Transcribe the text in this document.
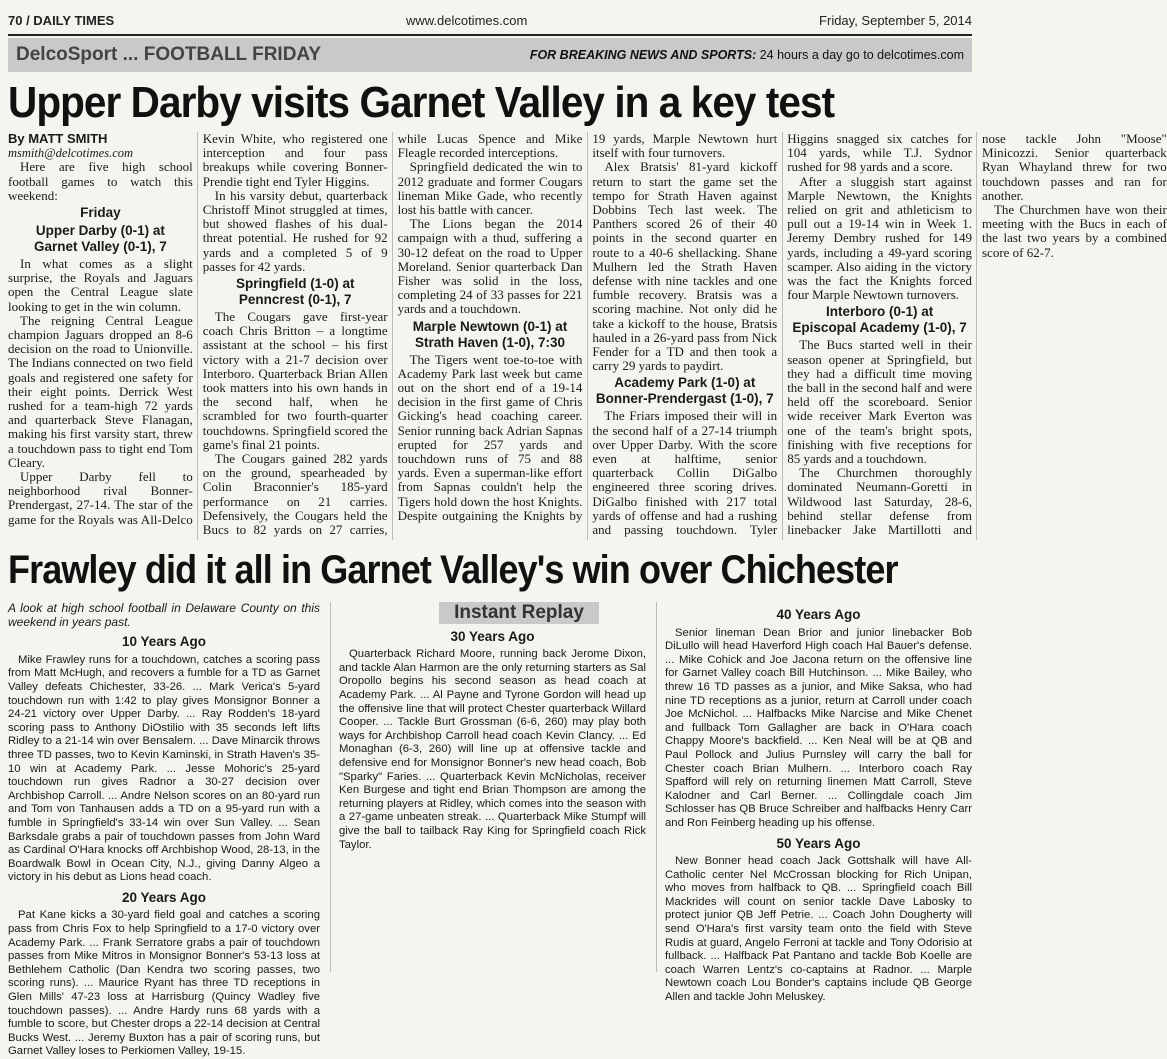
70 / DAILY TIMES	www.delcotimes.com	Friday, September 5, 2014
DelcoSport ... FOOTBALL FRIDAY	FOR BREAKING NEWS AND SPORTS: 24 hours a day go to delcotimes.com
Upper Darby visits Garnet Valley in a key test

By MATT SMITH

msmith@delcotimes.com

Here are five high school football games to watch this weekend:

Friday

Upper Darby (0-1) at
Garnet Valley (0-1), 7

In what comes as a slight surprise, the Royals and Jaguars open the Central League slate looking to get in the win column.

The reigning Central League champion Jaguars dropped an 8-6 decision on the road to Unionville. The Indians connected on two field goals and registered one safety for their eight points. Derrick West rushed for a team-high 72 yards and quarterback Steve Flanagan, making his first varsity start, threw a touchdown pass to tight end Tom Cleary.

Upper Darby fell to neighborhood rival Bonner-Prendergast, 27-14. The star of the game for the Royals was All-Delco Kevin White, who registered one interception and four pass breakups while covering Bonner-Prendie tight end Tyler Higgins.

In his varsity debut, quarterback Christoff Minot struggled at times, but showed flashes of his dual-threat potential. He rushed for 92 yards and a completed 5 of 9 passes for 42 yards.

Springfield (1-0) at
Penncrest (0-1), 7

The Cougars gave first-year coach Chris Britton – a longtime assistant at the school – his first victory with a 21-7 decision over Interboro. Quarterback Brian Allen took matters into his own hands in the second half, when he scrambled for two fourth-quarter touchdowns. Springfield scored the game's final 21 points.

The Cougars gained 282 yards on the ground, spearheaded by Colin Braconnier's 185-yard performance on 21 carries. Defensively, the Cougars held the Bucs to 82 yards on 27 carries, while Lucas Spence and Mike Fleagle recorded interceptions.

Springfield dedicated the win to 2012 graduate and former Cougars lineman Mike Gade, who recently lost his battle with cancer.

The Lions began the 2014 campaign with a thud, suffering a 30-12 defeat on the road to Upper Moreland. Senior quarterback Dan Fisher was solid in the loss, completing 24 of 33 passes for 221 yards and a touchdown.

Marple Newtown (0-1) at
Strath Haven (1-0), 7:30

The Tigers went toe-to-toe with Academy Park last week but came out on the short end of a 19-14 decision in the first game of Chris Gicking's head coaching career. Senior running back Adrian Sapnas erupted for 257 yards and touchdown runs of 75 and 88 yards. Even a superman-like effort from Sapnas couldn't help the Tigers hold down the host Knights. Despite outgaining the Knights by 19 yards, Marple Newtown hurt itself with four turnovers.

Alex Bratsis' 81-yard kickoff return to start the game set the tempo for Strath Haven against Dobbins Tech last week. The Panthers scored 26 of their 40 points in the second quarter en route to a 40-6 shellacking. Shane Mulhern led the Strath Haven defense with nine tackles and one fumble recovery. Bratsis was a scoring machine. Not only did he take a kickoff to the house, Bratsis hauled in a 26-yard pass from Nick Fender for a TD and then took a carry 29 yards to paydirt.

Academy Park (1-0) at
Bonner-Prendergast (1-0), 7

The Friars imposed their will in the second half of a 27-14 triumph over Upper Darby. With the score even at halftime, senior quarterback Collin DiGalbo engineered three scoring drives. DiGalbo finished with 217 total yards of offense and had a rushing and passing touchdown. Tyler Higgins snagged six catches for 104 yards, while T.J. Sydnor rushed for 98 yards and a score.

After a sluggish start against Marple Newtown, the Knights relied on grit and athleticism to pull out a 19-14 win in Week 1. Jeremy Dembry rushed for 149 yards, including a 49-yard scoring scamper. Also aiding in the victory was the fact the Knights forced four Marple Newtown turnovers.

Interboro (0-1) at
Episcopal Academy (1-0), 7

The Bucs started well in their season opener at Springfield, but they had a difficult time moving the ball in the second half and were held off the scoreboard. Senior wide receiver Mark Everton was one of the team's bright spots, finishing with five receptions for 85 yards and a touchdown.

The Churchmen thoroughly dominated Neumann-Goretti in Wildwood last Saturday, 28-6, behind stellar defense from linebacker Jake Martillotti and nose tackle John "Moose" Minicozzi. Senior quarterback Ryan Whayland threw for two touchdown passes and ran for another.

The Churchmen have won their meeting with the Bucs in each of the last two years by a combined score of 62-7.

Frawley did it all in Garnet Valley's win over Chichester

A look at high school football in Delaware County on this weekend in years past.

10 Years Ago

Mike Frawley runs for a touchdown, catches a scoring pass from Matt McHugh, and recovers a fumble for a TD as Garnet Valley defeats Chichester, 33-26. ... Mark Verica's 5-yard touchdown run with 1:42 to play gives Monsignor Bonner a 24-21 victory over Upper Darby. ... Ray Rodden's 18-yard scoring pass to Anthony DiOstilio with 35 seconds left lifts Ridley to a 21-14 win over Bensalem. ... Dave Minarcik throws three TD passes, two to Kevin Kaminski, in Strath Haven's 35-10 win at Academy Park. ... Jesse Mohoric's 25-yard touchdown run gives Radnor a 30-27 decision over Archbishop Carroll. ... Andre Nelson scores on an 80-yard run and Tom von Tanhausen adds a TD on a 95-yard run with a fumble in Springfield's 33-14 win over Sun Valley. ... Sean Barksdale grabs a pair of touchdown passes from John Ward as Cardinal O'Hara knocks off Archbishop Wood, 28-13, in the Boardwalk Bowl in Ocean City, N.J., giving Danny Algeo a victory in his debut as Lions head coach.

20 Years Ago

Pat Kane kicks a 30-yard field goal and catches a scoring pass from Chris Fox to help Springfield to a 17-0 victory over Academy Park. ... Frank Serratore grabs a pair of touchdown passes from Mike Mitros in Monsignor Bonner's 53-13 loss at Bethlehem Catholic (Dan Kendra two scoring passes, two scoring runs). ... Maurice Ryant has three TD receptions in Glen Mills' 47-23 loss at Harrisburg (Quincy Wadley five touchdown passes). ... Andre Hardy runs 68 yards with a fumble to score, but Chester drops a 22-14 decision at Central Bucks West. ... Jeremy Buxton has a pair of scoring runs, but Garnet Valley loses to Perkiomen Valley, 19-15.

Instant Replay

30 Years Ago

Quarterback Richard Moore, running back Jerome Dixon, and tackle Alan Harmon are the only returning starters as Sal Oropollo begins his second season as head coach at Academy Park. ... Al Payne and Tyrone Gordon will head up the offensive line that will protect Chester quarterback Willard Cooper. ... Tackle Burt Grossman (6-6, 260) may play both ways for Archbishop Carroll head coach Kevin Clancy. ... Ed Monaghan (6-3, 260) will line up at offensive tackle and defensive end for Monsignor Bonner's new head coach, Bob "Sparky" Faries. ... Quarterback Kevin McNicholas, receiver Ken Burgese and tight end Brian Thompson are among the returning players at Ridley, which comes into the season with a 27-game unbeaten streak. ... Quarterback Mike Stumpf will give the ball to tailback Ray King for Springfield coach Rick Taylor.

40 Years Ago

Senior lineman Dean Brior and junior linebacker Bob DiLullo will head Haverford High coach Hal Bauer's defense. ... Mike Cohick and Joe Jacona return on the offensive line for Garnet Valley coach Bill Hutchinson. ... Mike Bailey, who threw 16 TD passes as a junior, and Mike Saksa, who had nine TD receptions as a junior, return at Carroll under coach Joe McNichol. ... Halfbacks Mike Narcise and Mike Chenet and fullback Tom Gallagher are back in O'Hara coach Chappy Moore's backfield. ... Ken Neal will be at QB and Paul Pollock and Julius Purnsley will carry the ball for Chester coach Brian Mulhern. ... Interboro coach Ray Spafford will rely on returning linemen Matt Carroll, Steve Kalodner and Carl Berner. ... Collingdale coach Jim Schlosser has QB Bruce Schreiber and halfbacks Henry Carr and Ron Feinberg heading up his offense.

50 Years Ago

New Bonner head coach Jack Gottshalk will have All-Catholic center Nel McCrossan blocking for Rich Unipan, who moves from halfback to QB. ... Springfield coach Bill Mackrides will count on senior tackle Dave Labosky to protect junior QB Jeff Petrie. ... Coach John Dougherty will send O'Hara's first varsity team onto the field with Steve Rudis at guard, Angelo Ferroni at tackle and Tony Odorisio at fullback. ... Halfback Pat Pantano and tackle Bob Koelle are coach Warren Lentz's co-captains at Radnor. ... Marple Newtown coach Lou Bonder's captains include QB George Allen and tackle John Meluskey.
